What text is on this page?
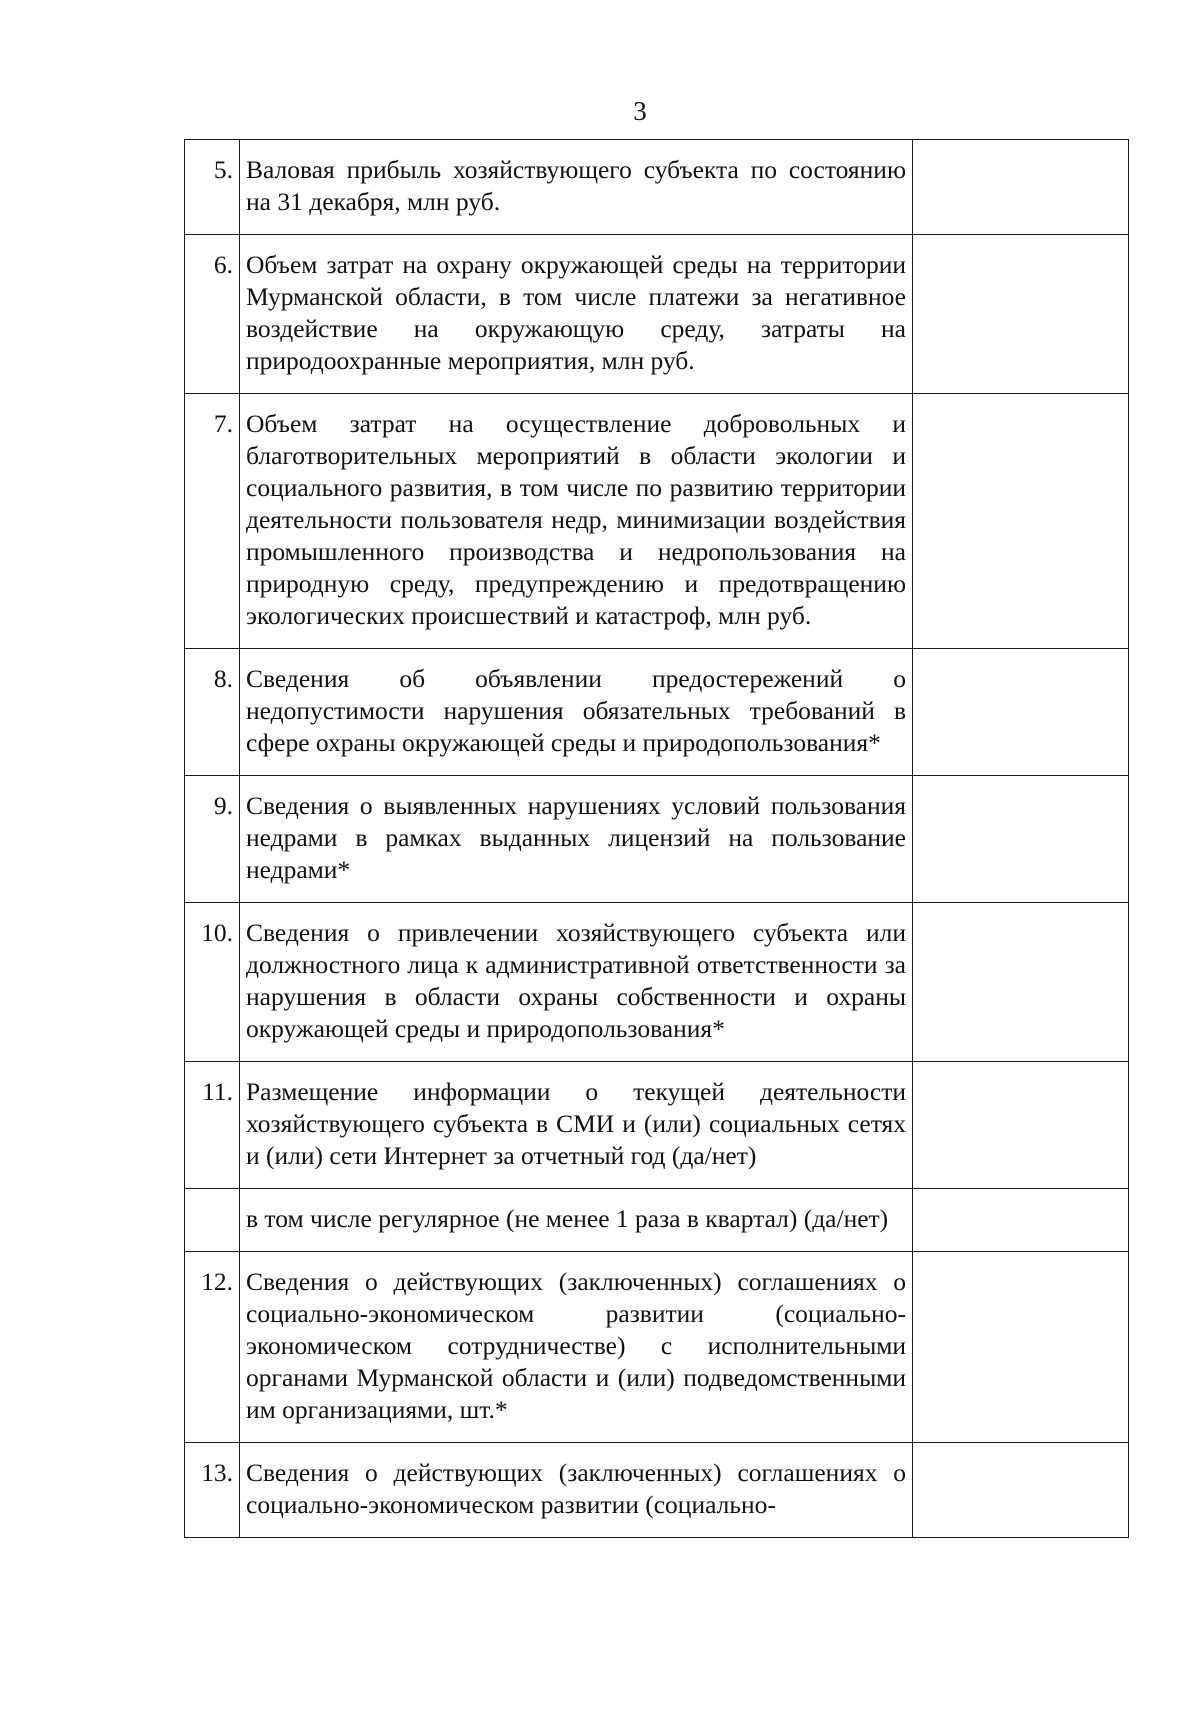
3
5.	Валовая прибыль хозяйствующего субъекта по состоянию на 31 декабря, млн руб.	
6.	Объем затрат на охрану окружающей среды на территории Мурманской области, в том числе платежи за негативное воздействие на окружающую среду, затраты на природоохранные мероприятия, млн руб.	
7.	Объем затрат на осуществление добровольных и благотворительных мероприятий в области экологии и социального развития, в том числе по развитию территории деятельности пользователя недр, минимизации воздействия промышленного производства и недропользования на природную среду, предупреждению и предотвращению экологических происшествий и катастроф, млн руб.	
8.	Сведения об объявлении предостережений о недопустимости нарушения обязательных требований в сфере охраны окружающей среды и природопользования*	
9.	Сведения о выявленных нарушениях условий пользования недрами в рамках выданных лицензий на пользование недрами*	
10.	Сведения о привлечении хозяйствующего субъекта или должностного лица к административной ответственности за нарушения в области охраны собственности и охраны окружающей среды и природопользования*	
11.	Размещение информации о текущей деятельности хозяйствующего субъекта в СМИ и (или) социальных сетях и (или) сети Интернет за отчетный год (да/нет)	
	в том числе регулярное (не менее 1 раза в квартал) (да/нет)	
12.	Сведения о действующих (заключенных) соглашениях о социально-экономическом развитии (социально-экономическом сотрудничестве) с исполнительными органами Мурманской области и (или) подведомственными им организациями, шт.*	
13.	Сведения о действующих (заключенных) соглашениях о социально-экономическом развитии (социально-	
